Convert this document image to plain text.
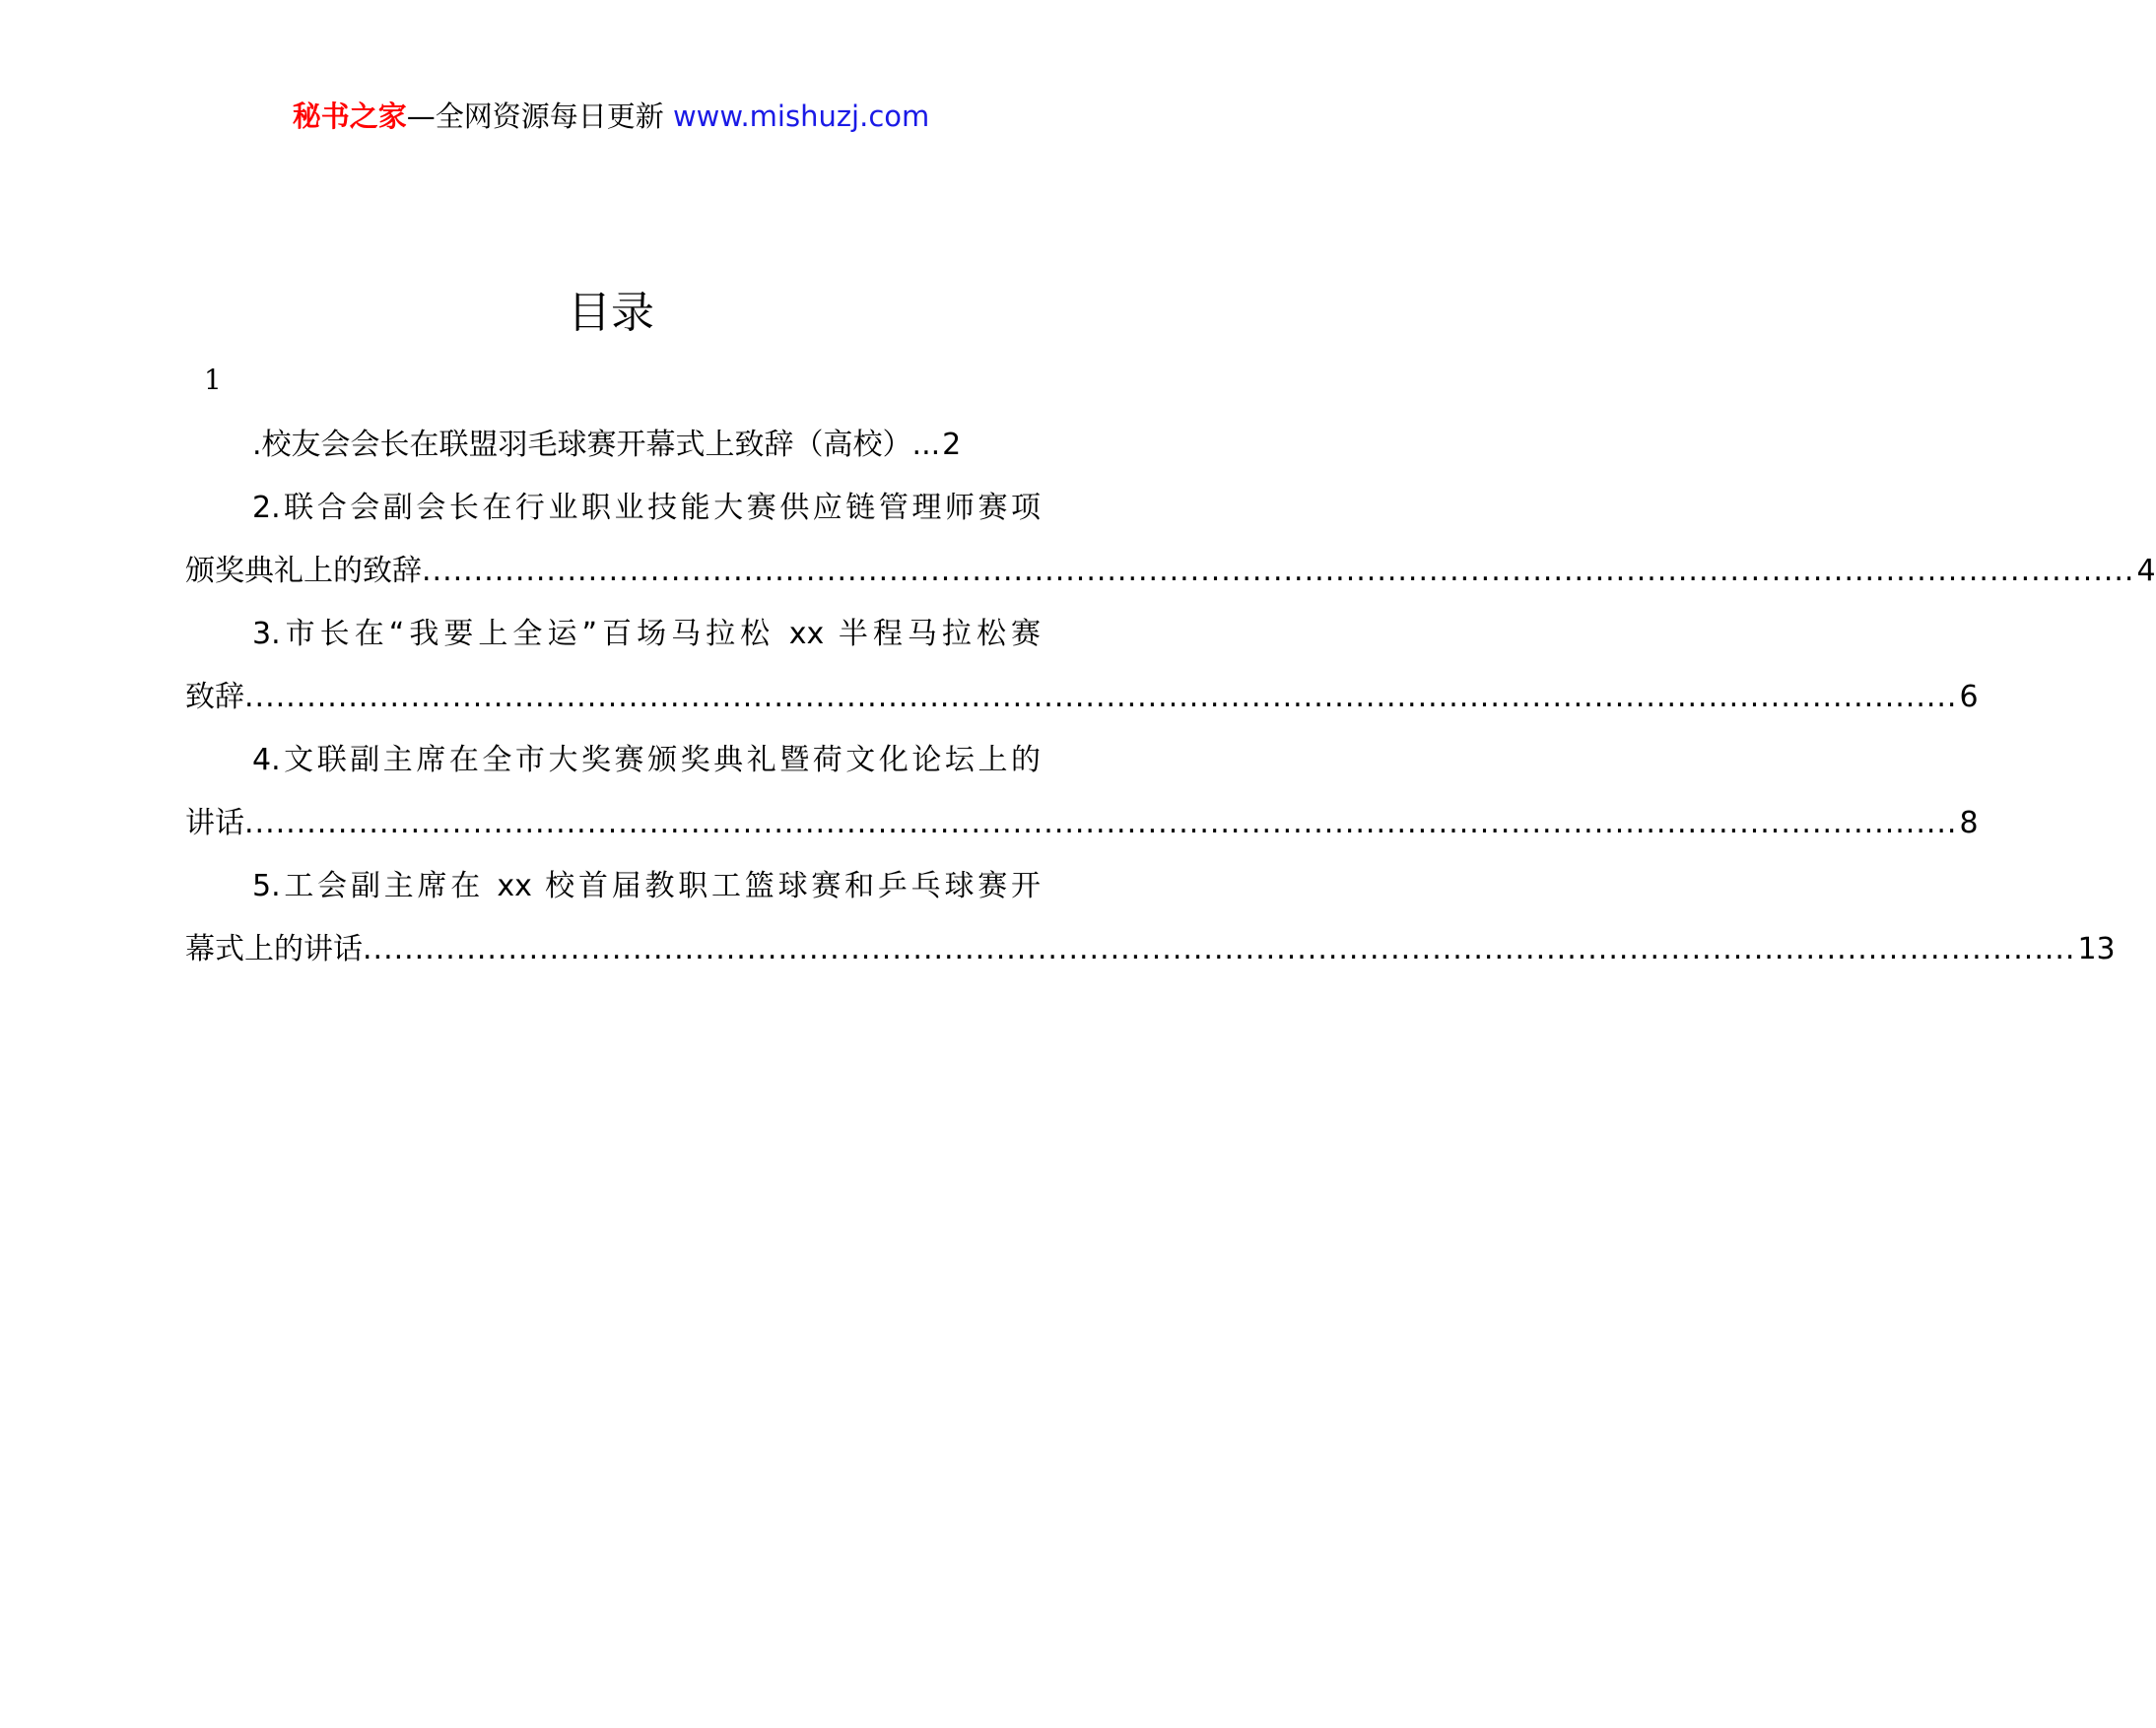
秘书之家—全网资源每日更新 www.mishuzj.com
目录
1
.校友会会长在联盟羽毛球赛开幕式上致辞（高校） ... 2
2.联合会副会长在行业职业技能大赛供应链管理师赛项
颁奖典礼上的致辞 ..................................................................................................................................................................... 4
3.市长在“我要上全运”百场马拉松 xx 半程马拉松赛
致辞 ..................................................................................................................................................................... 6
4.文联副主席在全市大奖赛颁奖典礼暨荷文化论坛上的
讲话 ..................................................................................................................................................................... 8
5.工会副主席在 xx 校首届教职工篮球赛和乒乓球赛开
幕式上的讲话 ..................................................................................................................................................................... 13
